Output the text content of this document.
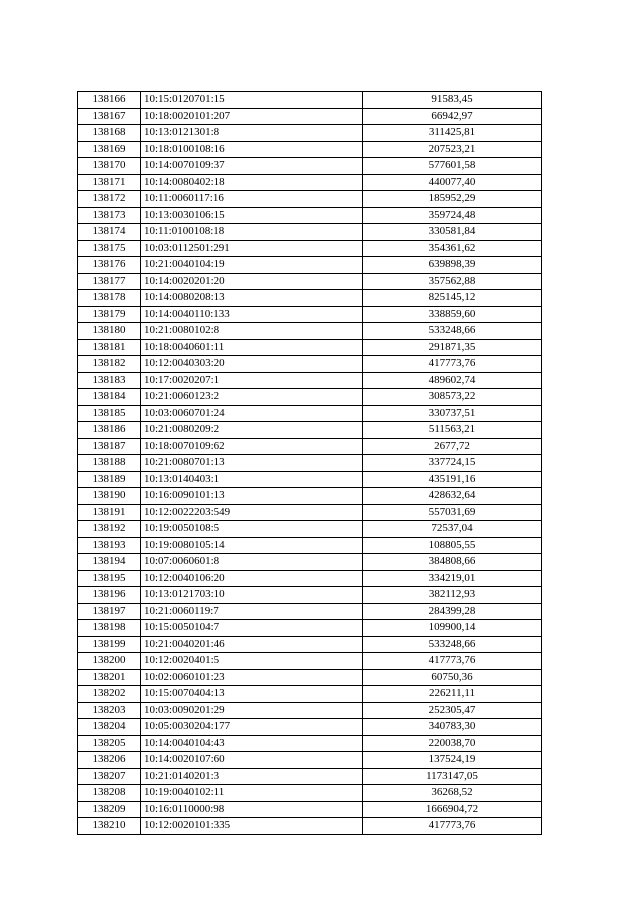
138166	10:15:0120701:15	91583,45
138167	10:18:0020101:207	66942,97
138168	10:13:0121301:8	311425,81
138169	10:18:0100108:16	207523,21
138170	10:14:0070109:37	577601,58
138171	10:14:0080402:18	440077,40
138172	10:11:0060117:16	185952,29
138173	10:13:0030106:15	359724,48
138174	10:11:0100108:18	330581,84
138175	10:03:0112501:291	354361,62
138176	10:21:0040104:19	639898,39
138177	10:14:0020201:20	357562,88
138178	10:14:0080208:13	825145,12
138179	10:14:0040110:133	338859,60
138180	10:21:0080102:8	533248,66
138181	10:18:0040601:11	291871,35
138182	10:12:0040303:20	417773,76
138183	10:17:0020207:1	489602,74
138184	10:21:0060123:2	308573,22
138185	10:03:0060701:24	330737,51
138186	10:21:0080209:2	511563,21
138187	10:18:0070109:62	2677,72
138188	10:21:0080701:13	337724,15
138189	10:13:0140403:1	435191,16
138190	10:16:0090101:13	428632,64
138191	10:12:0022203:549	557031,69
138192	10:19:0050108:5	72537,04
138193	10:19:0080105:14	108805,55
138194	10:07:0060601:8	384808,66
138195	10:12:0040106:20	334219,01
138196	10:13:0121703:10	382112,93
138197	10:21:0060119:7	284399,28
138198	10:15:0050104:7	109900,14
138199	10:21:0040201:46	533248,66
138200	10:12:0020401:5	417773,76
138201	10:02:0060101:23	60750,36
138202	10:15:0070404:13	226211,11
138203	10:03:0090201:29	252305,47
138204	10:05:0030204:177	340783,30
138205	10:14:0040104:43	220038,70
138206	10:14:0020107:60	137524,19
138207	10:21:0140201:3	1173147,05
138208	10:19:0040102:11	36268,52
138209	10:16:0110000:98	1666904,72
138210	10:12:0020101:335	417773,76
